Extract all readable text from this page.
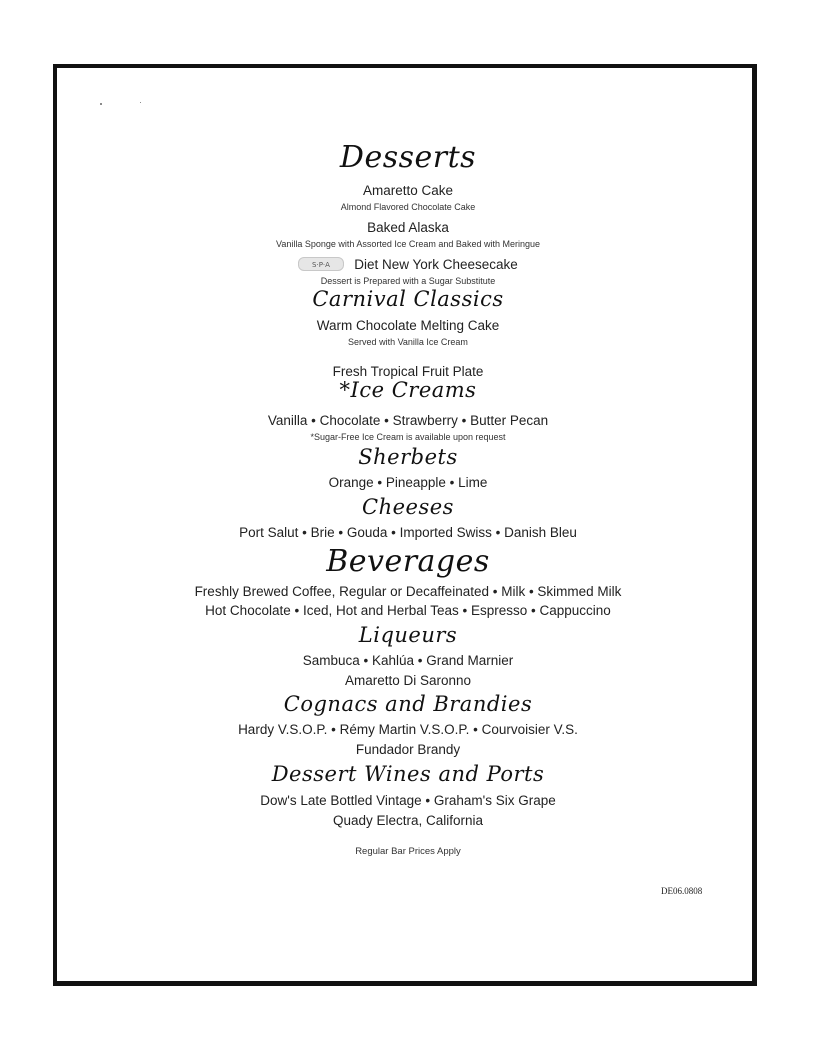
Desserts
Amaretto Cake
Almond Flavored Chocolate Cake
Baked Alaska
Vanilla Sponge with Assorted Ice Cream and Baked with Meringue
S·P·A Diet New York Cheesecake
Dessert is Prepared with a Sugar Substitute
Carnival Classics
Warm Chocolate Melting Cake
Served with Vanilla Ice Cream
Fresh Tropical Fruit Plate
*Ice Creams
Vanilla • Chocolate • Strawberry • Butter Pecan
*Sugar-Free Ice Cream is available upon request
Sherbets
Orange • Pineapple • Lime
Cheeses
Port Salut • Brie • Gouda • Imported Swiss • Danish Bleu
Beverages
Freshly Brewed Coffee, Regular or Decaffeinated • Milk • Skimmed Milk
Hot Chocolate • Iced, Hot and Herbal Teas • Espresso • Cappuccino
Liqueurs
Sambuca • Kahlúa • Grand Marnier
Amaretto Di Saronno
Cognacs and Brandies
Hardy V.S.O.P. • Rémy Martin V.S.O.P. • Courvoisier V.S.
Fundador Brandy
Dessert Wines and Ports
Dow's Late Bottled Vintage • Graham's Six Grape
Quady Electra, California
Regular Bar Prices Apply
DE06.0808
